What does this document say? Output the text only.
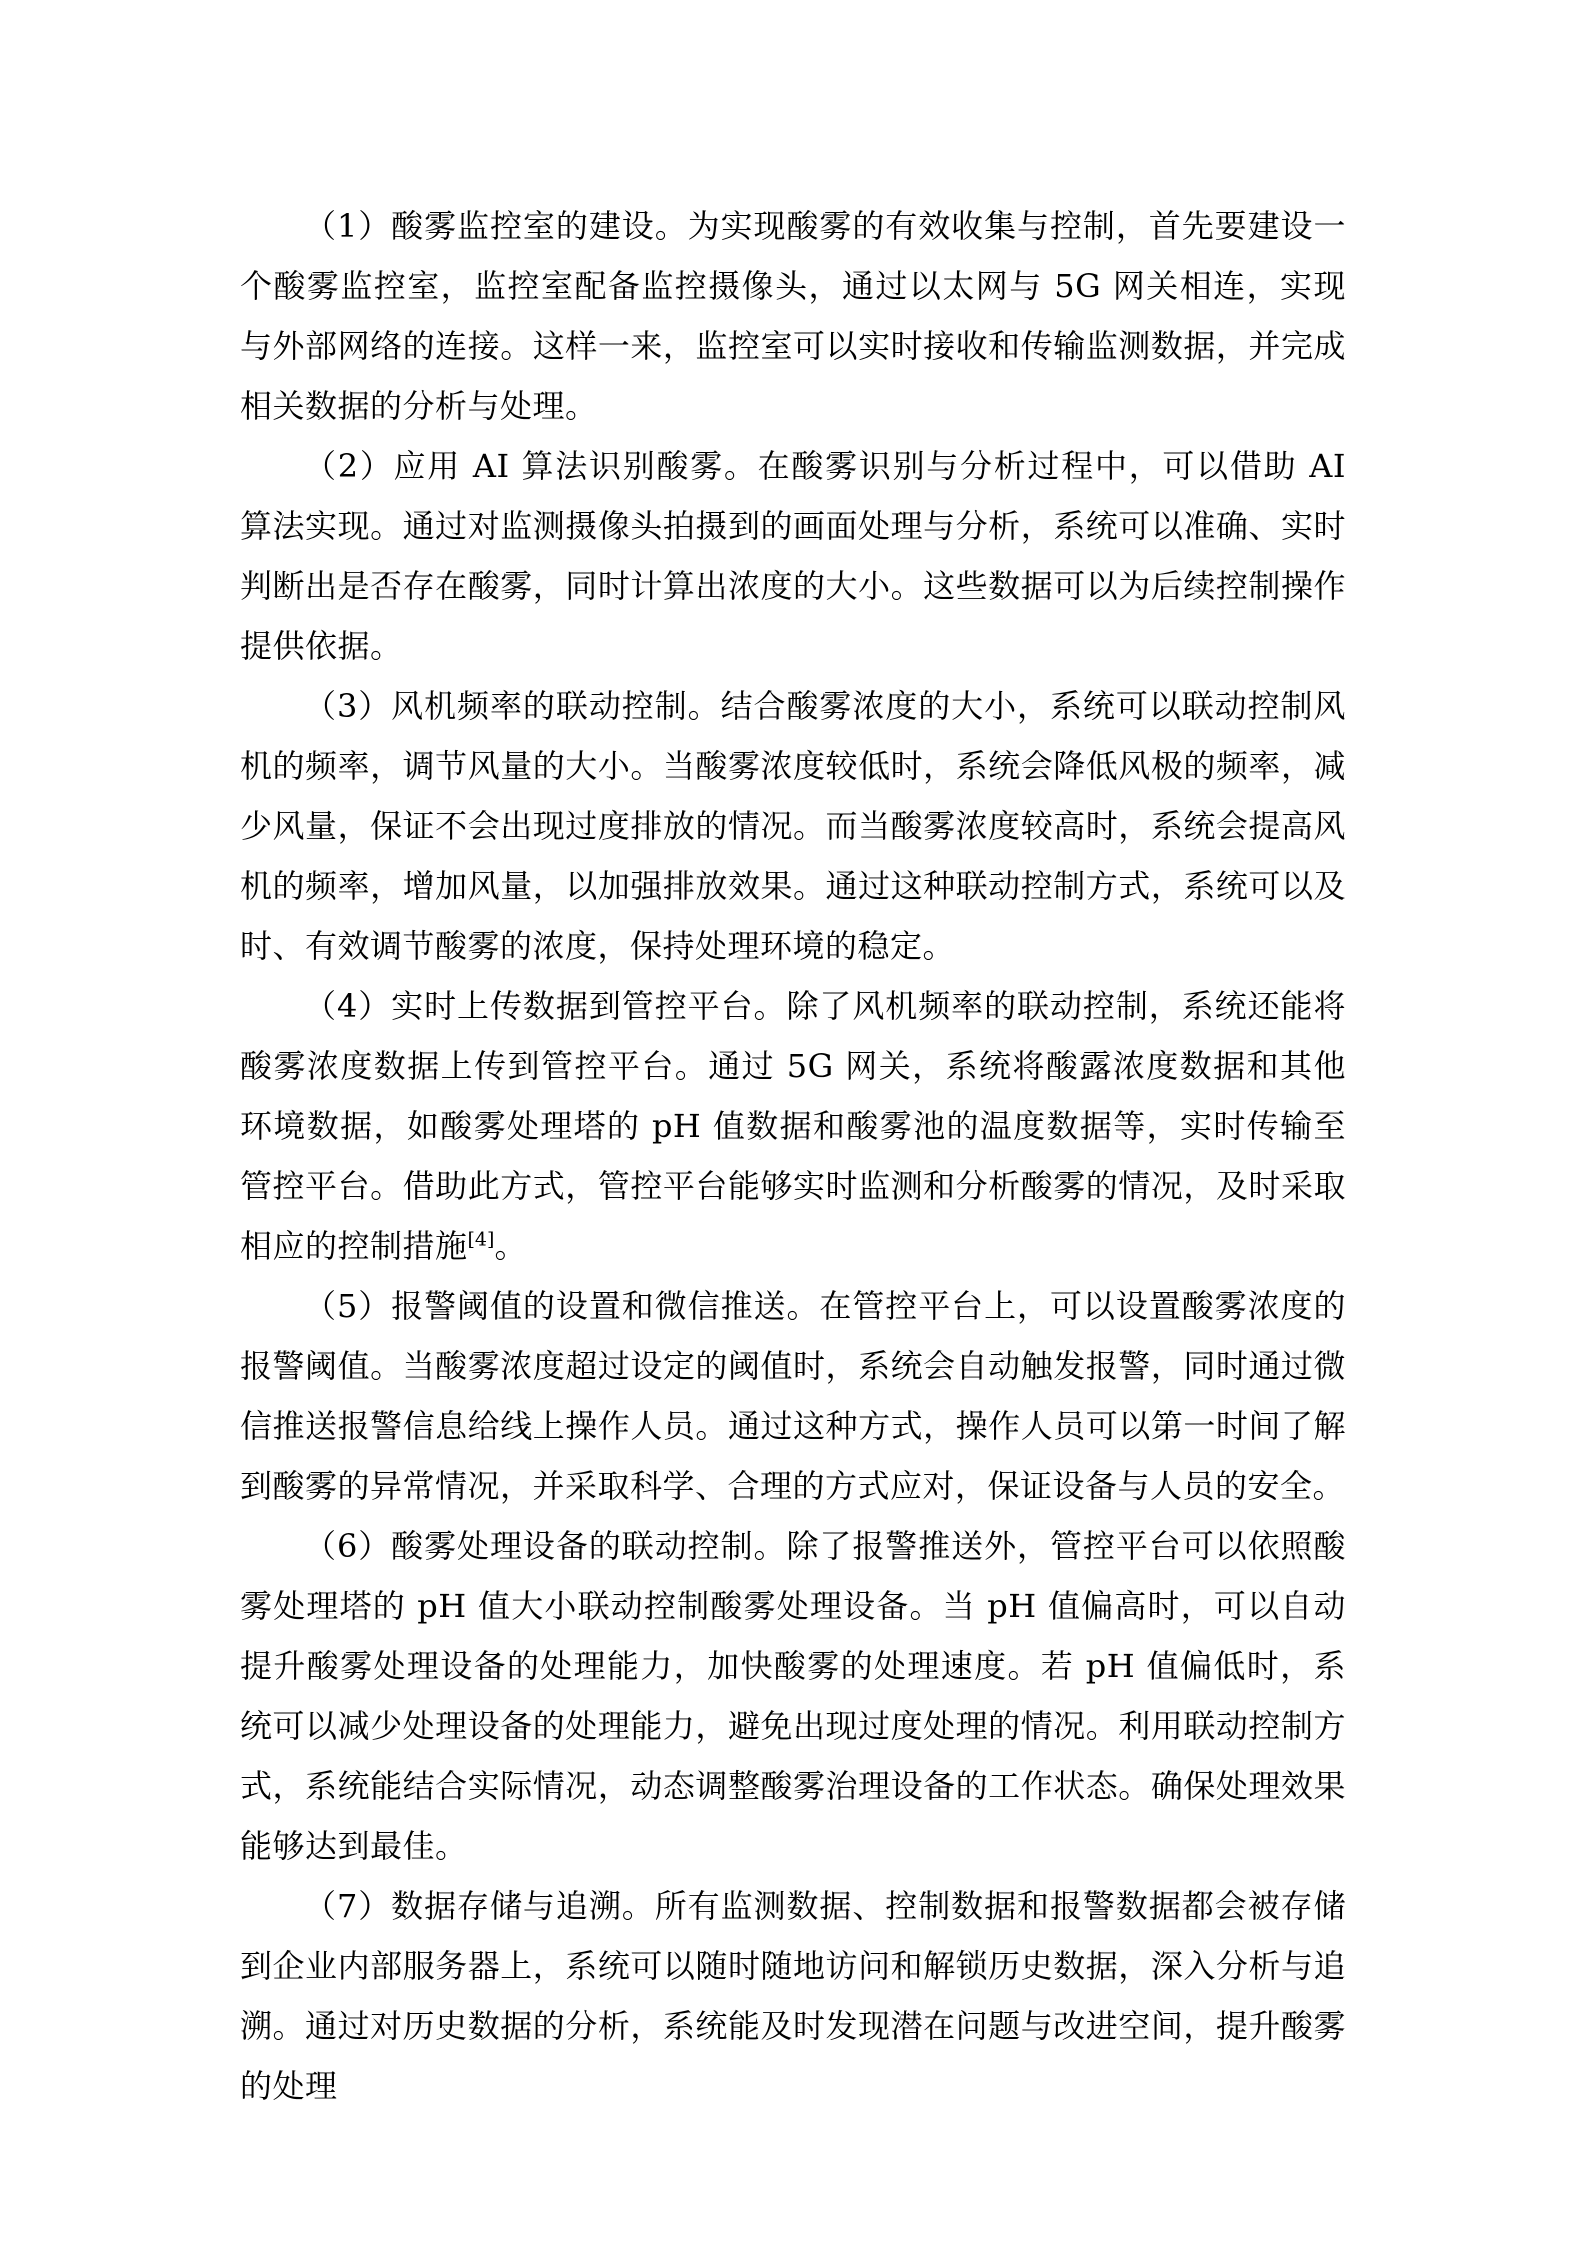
（1）酸雾监控室的建设。为实现酸雾的有效收集与控制，首先要建设一个酸雾监控室，监控室配备监控摄像头，通过以太网与 5G 网关相连，实现与外部网络的连接。这样一来，监控室可以实时接收和传输监测数据，并完成相关数据的分析与处理。

（2）应用 AI 算法识别酸雾。在酸雾识别与分析过程中，可以借助 AI 算法实现。通过对监测摄像头拍摄到的画面处理与分析，系统可以准确、实时判断出是否存在酸雾，同时计算出浓度的大小。这些数据可以为后续控制操作提供依据。

（3）风机频率的联动控制。结合酸雾浓度的大小，系统可以联动控制风机的频率，调节风量的大小。当酸雾浓度较低时，系统会降低风极的频率，减少风量，保证不会出现过度排放的情况。而当酸雾浓度较高时，系统会提高风机的频率，增加风量，以加强排放效果。通过这种联动控制方式，系统可以及时、有效调节酸雾的浓度，保持处理环境的稳定。

（4）实时上传数据到管控平台。除了风机频率的联动控制，系统还能将酸雾浓度数据上传到管控平台。通过 5G 网关，系统将酸露浓度数据和其他环境数据，如酸雾处理塔的 pH 值数据和酸雾池的温度数据等，实时传输至管控平台。借助此方式，管控平台能够实时监测和分析酸雾的情况，及时采取相应的控制措施[4]。

（5）报警阈值的设置和微信推送。在管控平台上，可以设置酸雾浓度的报警阈值。当酸雾浓度超过设定的阈值时，系统会自动触发报警，同时通过微信推送报警信息给线上操作人员。通过这种方式，操作人员可以第一时间了解到酸雾的异常情况，并采取科学、合理的方式应对，保证设备与人员的安全。

（6）酸雾处理设备的联动控制。除了报警推送外，管控平台可以依照酸雾处理塔的 pH 值大小联动控制酸雾处理设备。当 pH 值偏高时，可以自动提升酸雾处理设备的处理能力，加快酸雾的处理速度。若 pH 值偏低时，系统可以减少处理设备的处理能力，避免出现过度处理的情况。利用联动控制方式，系统能结合实际情况，动态调整酸雾治理设备的工作状态。确保处理效果能够达到最佳。

（7）数据存储与追溯。所有监测数据、控制数据和报警数据都会被存储到企业内部服务器上，系统可以随时随地访问和解锁历史数据，深入分析与追溯。通过对历史数据的分析，系统能及时发现潜在问题与改进空间，提升酸雾的处理
